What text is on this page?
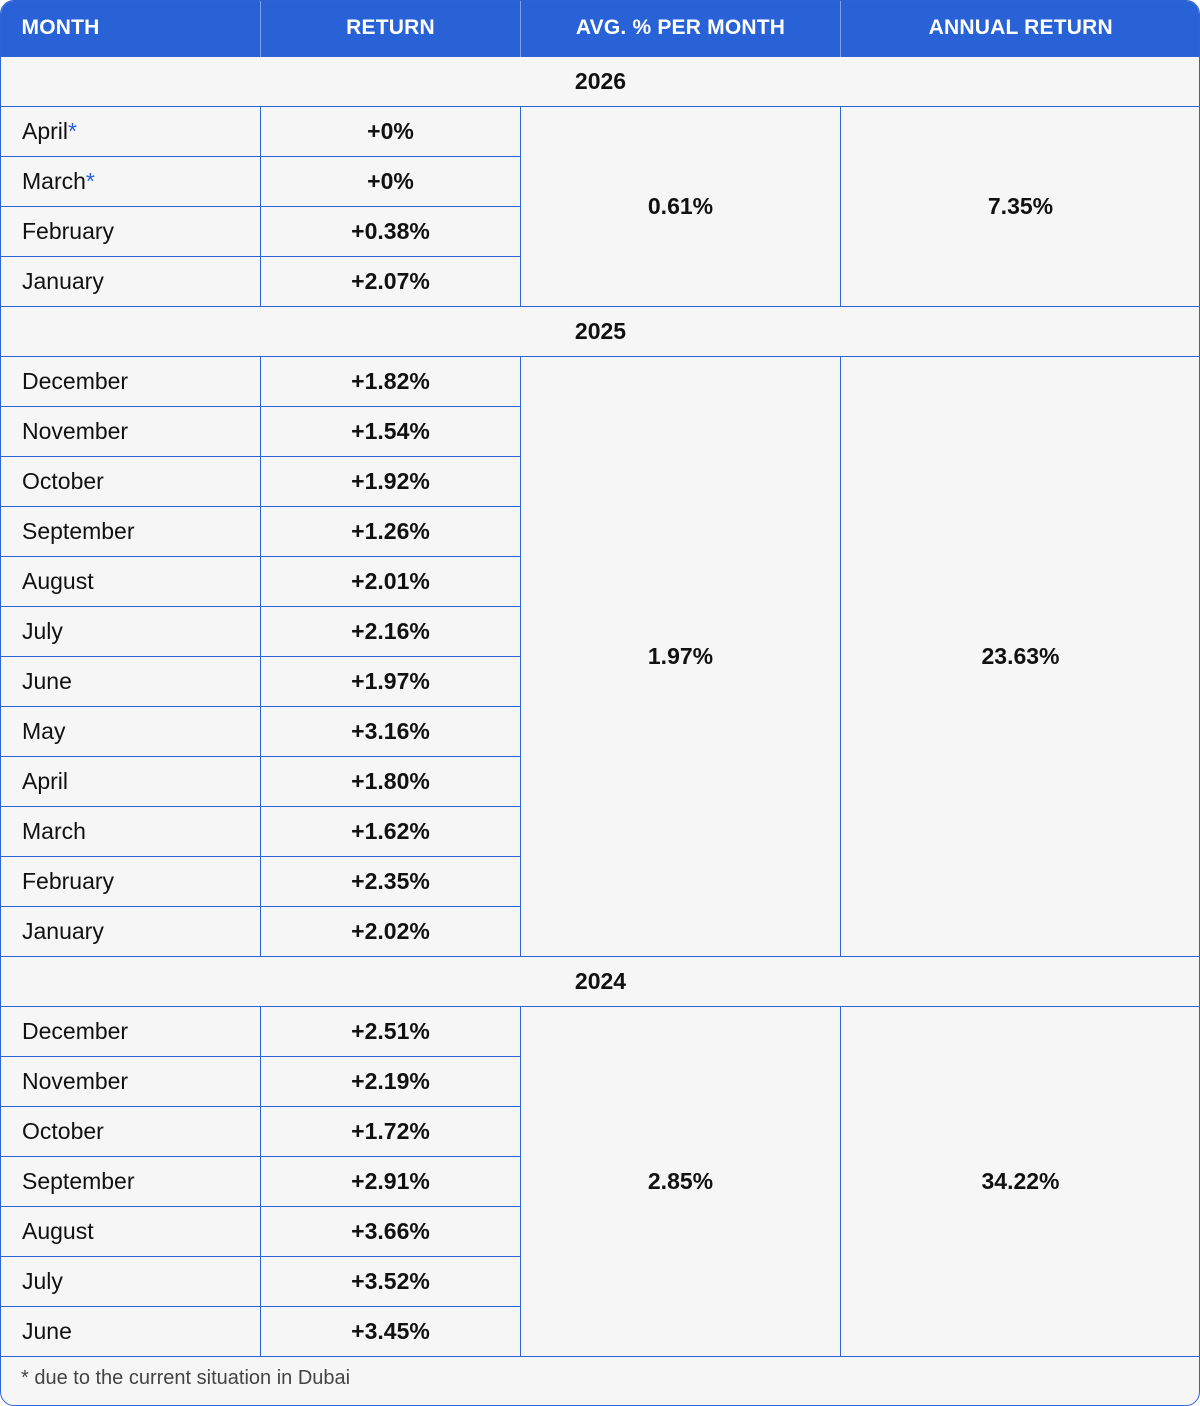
MONTH	RETURN	AVG. % PER MONTH	ANNUAL RETURN
2026			
April*	+0%	0.61%	7.35%
March*	+0%		
February	+0.38%		
January	+2.07%		
2025			
December	+1.82%	1.97%	23.63%
November	+1.54%		
October	+1.92%		
September	+1.26%		
August	+2.01%		
July	+2.16%		
June	+1.97%		
May	+3.16%		
April	+1.80%		
March	+1.62%		
February	+2.35%		
January	+2.02%		
2024			
December	+2.51%	2.85%	34.22%
November	+2.19%		
October	+1.72%		
September	+2.91%		
August	+3.66%		
July	+3.52%		
June	+3.45%		
* due to the current situation in Dubai
